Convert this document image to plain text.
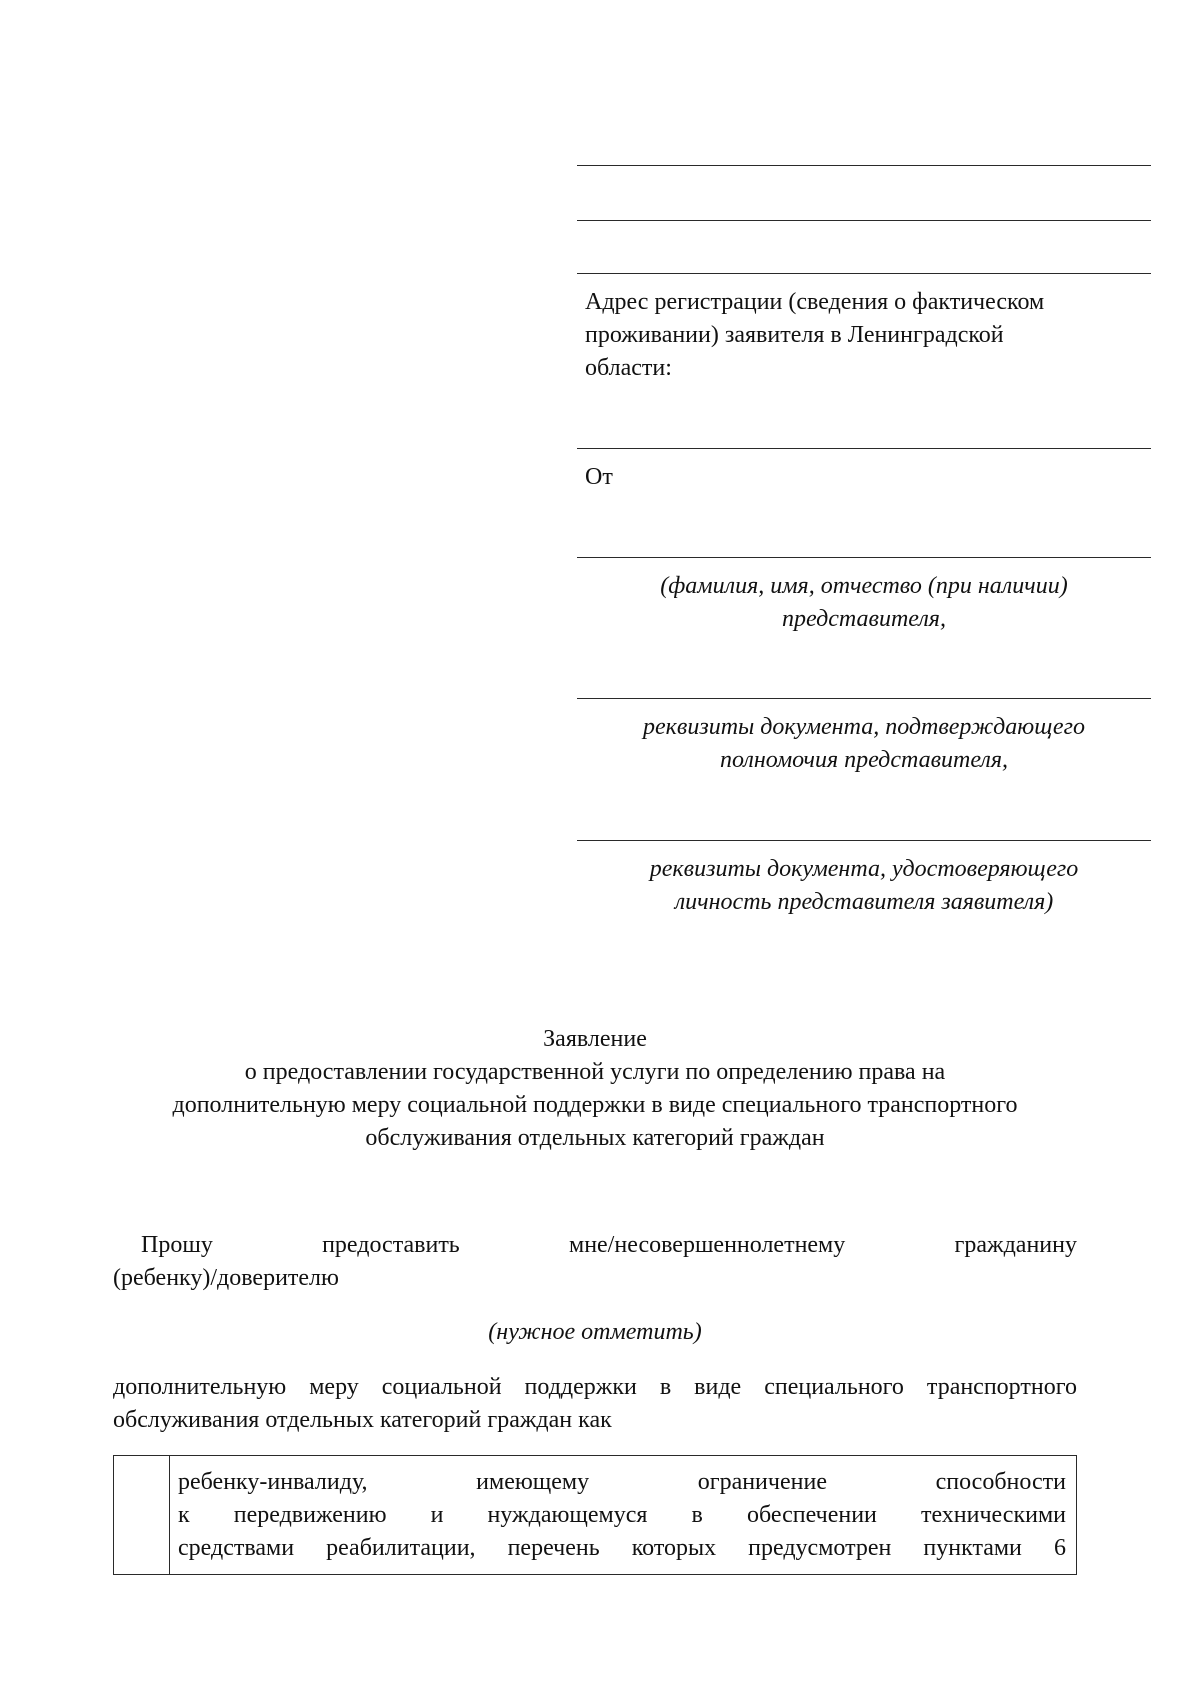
Адрес регистрации (сведения о фактическом
проживании) заявителя в Ленинградской
области:
От
(фамилия, имя, отчество (при наличии)
представителя,
реквизиты документа, подтверждающего
полномочия представителя,
реквизиты документа, удостоверяющего
личность представителя заявителя)
Заявление
о предоставлении государственной услуги по определению права на
дополнительную меру социальной поддержки в виде специального транспортного
обслуживания отдельных категорий граждан
Прошу	предоставить	мне/несовершеннолетнему	гражданину
(ребенку)/доверителю
(нужное отметить)
дополнительную меру социальной поддержки в виде специального транспортного
обслуживания отдельных категорий граждан как
ребенку-инвалиду,	имеющему	ограничение	способности
к передвижению и нуждающемуся в обеспечении техническими
средствами реабилитации, перечень которых предусмотрен пунктами 6
